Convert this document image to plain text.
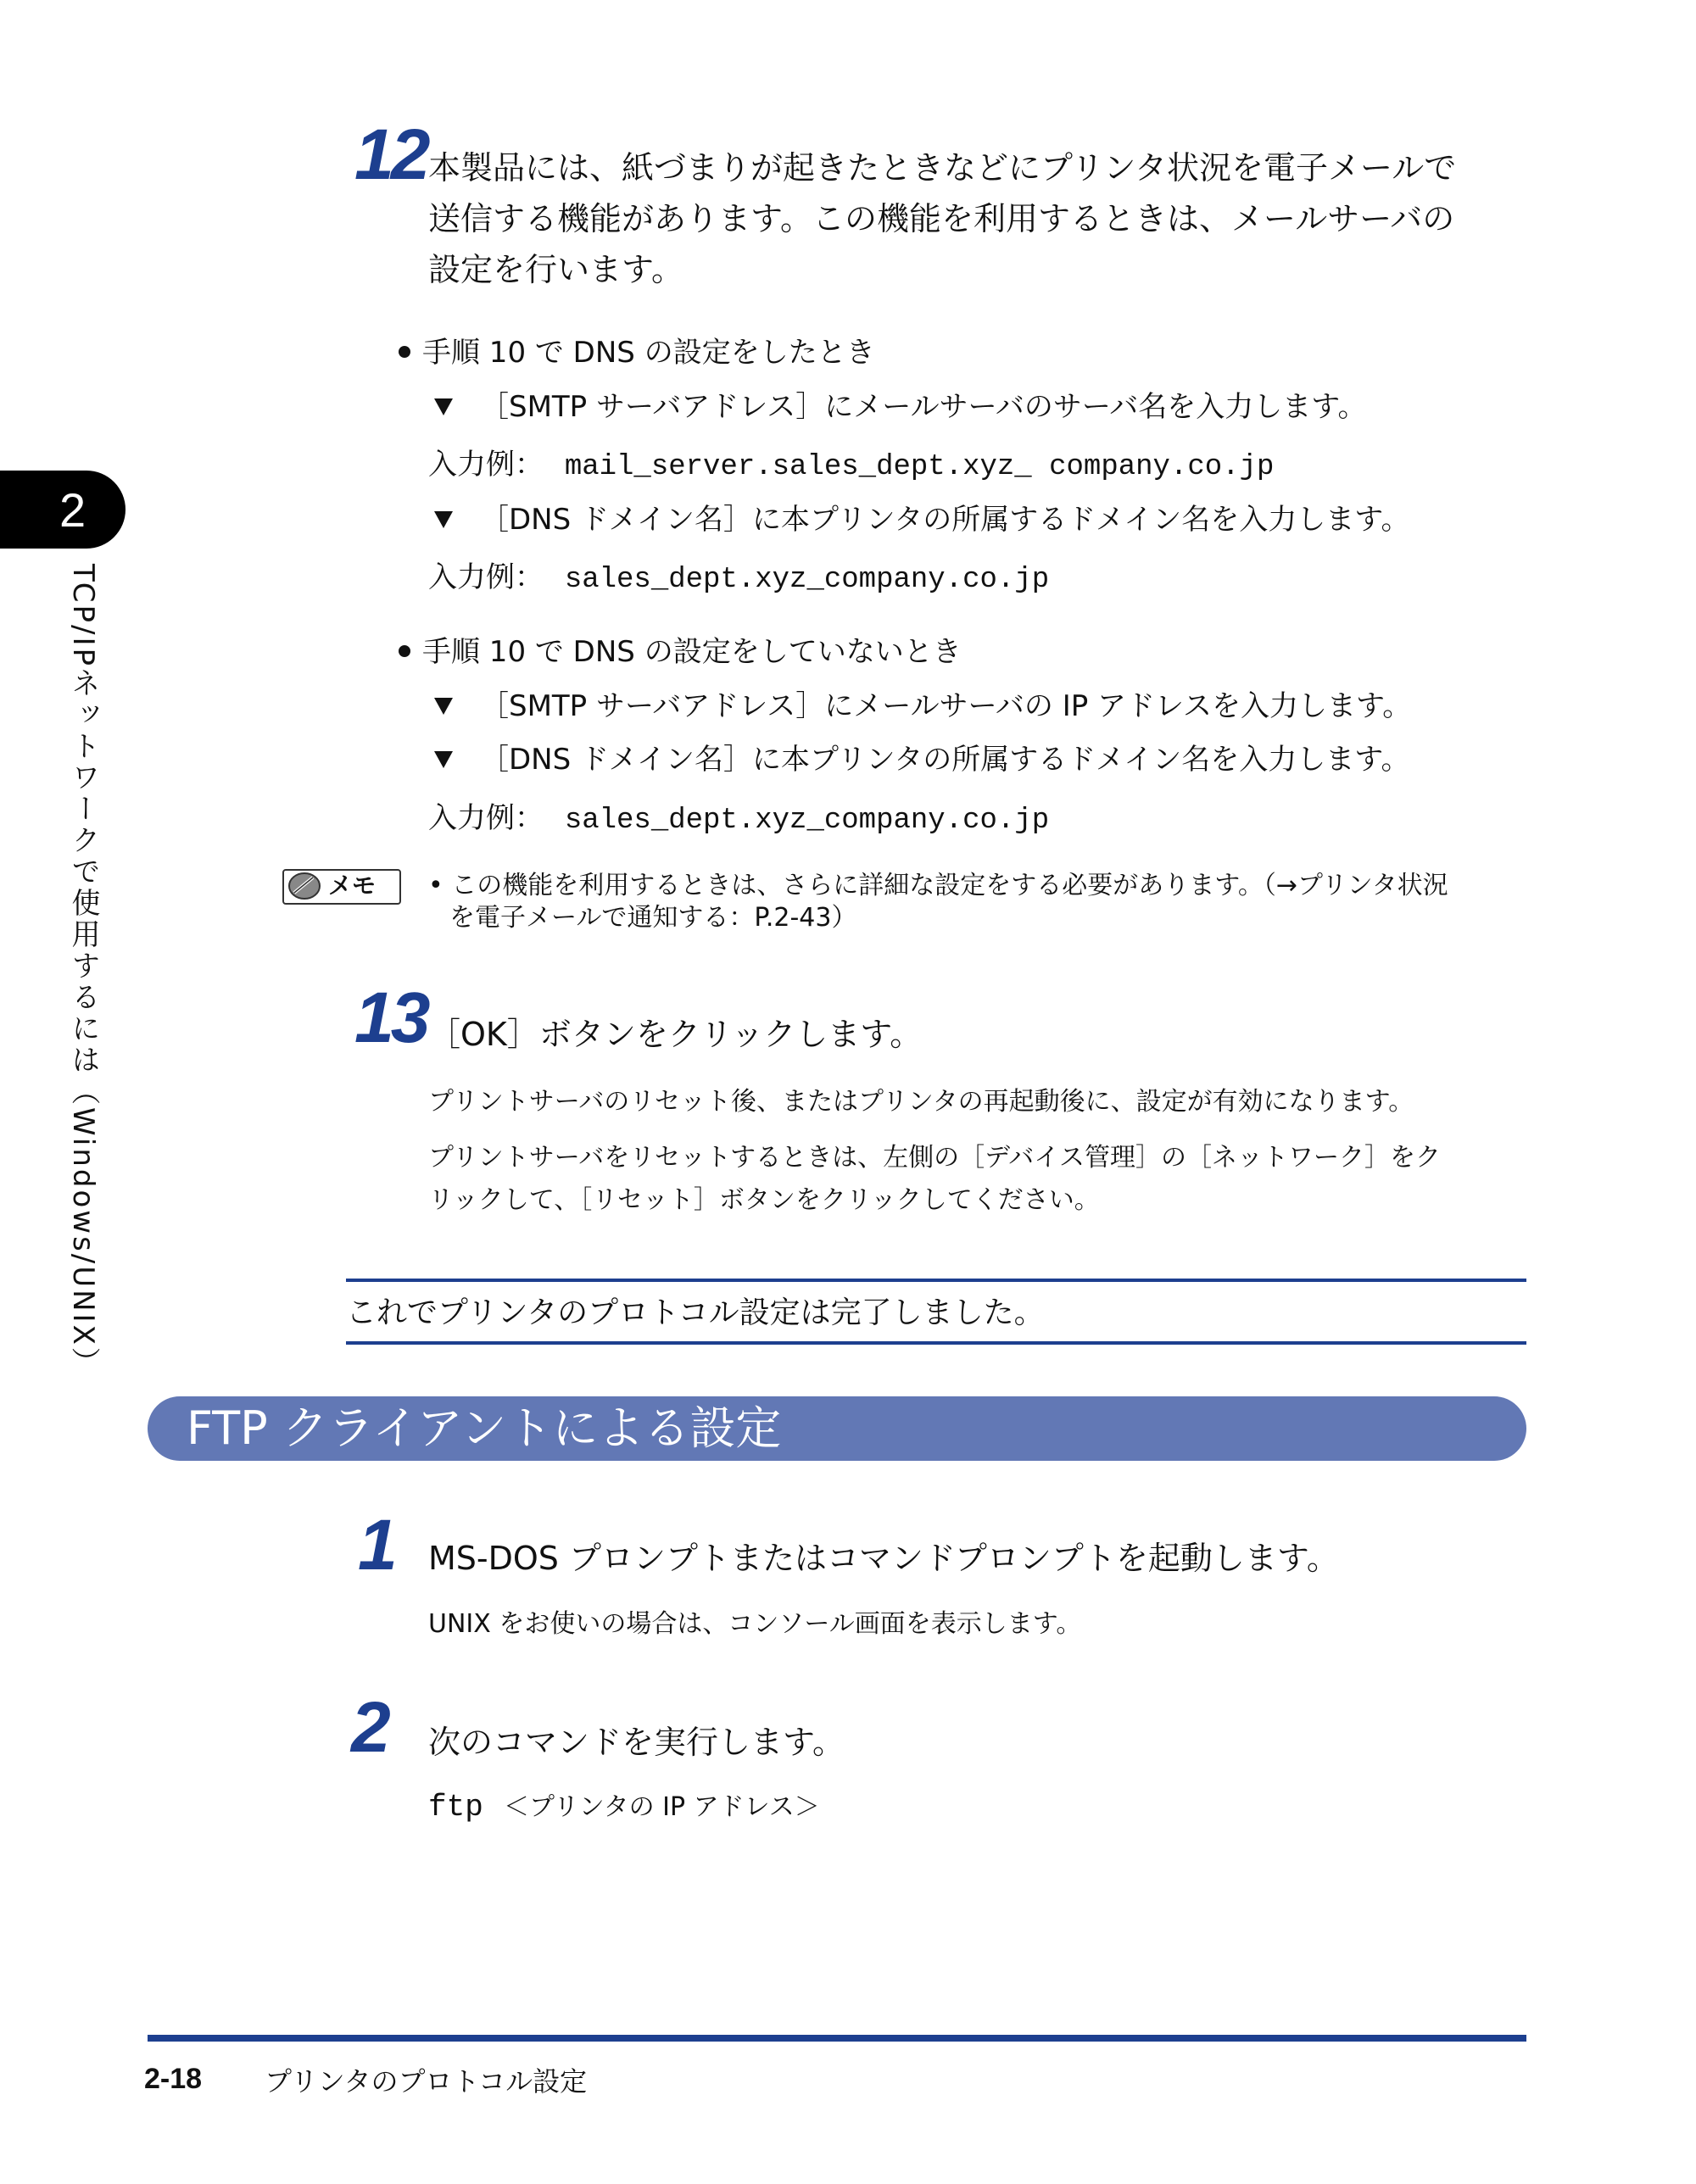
2
TCP/IPネットワークで使用するには（Windows/UNIX）
12 本製品には、紙づまりが起きたときなどにプリンタ状況を電子メールで
送信する機能があります。この機能を利用するときは、メールサーバの
設定を行います。
手順 10 で DNS の設定をしたとき
［SMTP サーバアドレス］にメールサーバのサーバ名を入力します。
入力例： mail_server.sales_dept.xyz_ company.co.jp
［DNS ドメイン名］に本プリンタの所属するドメイン名を入力します。
入力例： sales_dept.xyz_company.co.jp
手順 10 で DNS の設定をしていないとき
［SMTP サーバアドレス］にメールサーバの IP アドレスを入力します。
［DNS ドメイン名］に本プリンタの所属するドメイン名を入力します。
入力例： sales_dept.xyz_company.co.jp
メモ • この機能を利用するときは、さらに詳細な設定をする必要があります。（→プリンタ状況
を電子メールで通知する：P.2-43）
13 ［OK］ボタンをクリックします。
プリントサーバのリセット後、またはプリンタの再起動後に、設定が有効になります。
プリントサーバをリセットするときは、左側の［デバイス管理］の［ネットワーク］をク
リックして、［リセット］ボタンをクリックしてください。
これでプリンタのプロトコル設定は完了しました。
FTP クライアントによる設定
1 MS-DOS プロンプトまたはコマンドプロンプトを起動します。
UNIX をお使いの場合は、コンソール画面を表示します。
2 次のコマンドを実行します。
ftp ＜プリンタの IP アドレス＞
2-18 プリンタのプロトコル設定
